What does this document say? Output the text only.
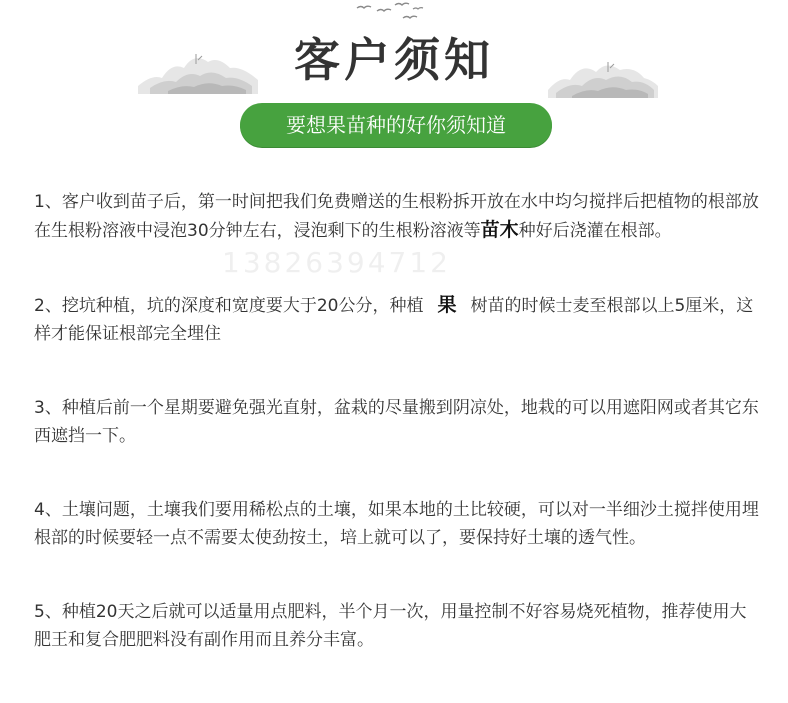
客户须知
要想果苗种的好你须知道
13826394712

1、客户收到苗子后，第一时间把我们免费赠送的生根粉拆开放在水中均匀搅拌后把植物的根部放在生根粉溶液中浸泡30分钟左右，浸泡剩下的生根粉溶液等苗木种好后浇灌在根部。

2、挖坑种植，坑的深度和宽度要大于20公分，种植 果 树苗的时候士麦至根部以上5厘米，这样才能保证根部完全埋住

3、种植后前一个星期要避免强光直射，盆栽的尽量搬到阴凉处，地栽的可以用遮阳网或者其它东西遮挡一下。

4、土壤问题，土壤我们要用稀松点的土壤，如果本地的土比较硬，可以对一半细沙土搅拌使用埋根部的时候要轻一点不需要太使劲按土，培上就可以了，要保持好土壤的透气性。

5、种植20天之后就可以适量用点肥料，半个月一次，用量控制不好容易烧死植物，推荐使用大肥王和复合肥肥料没有副作用而且养分丰富。
